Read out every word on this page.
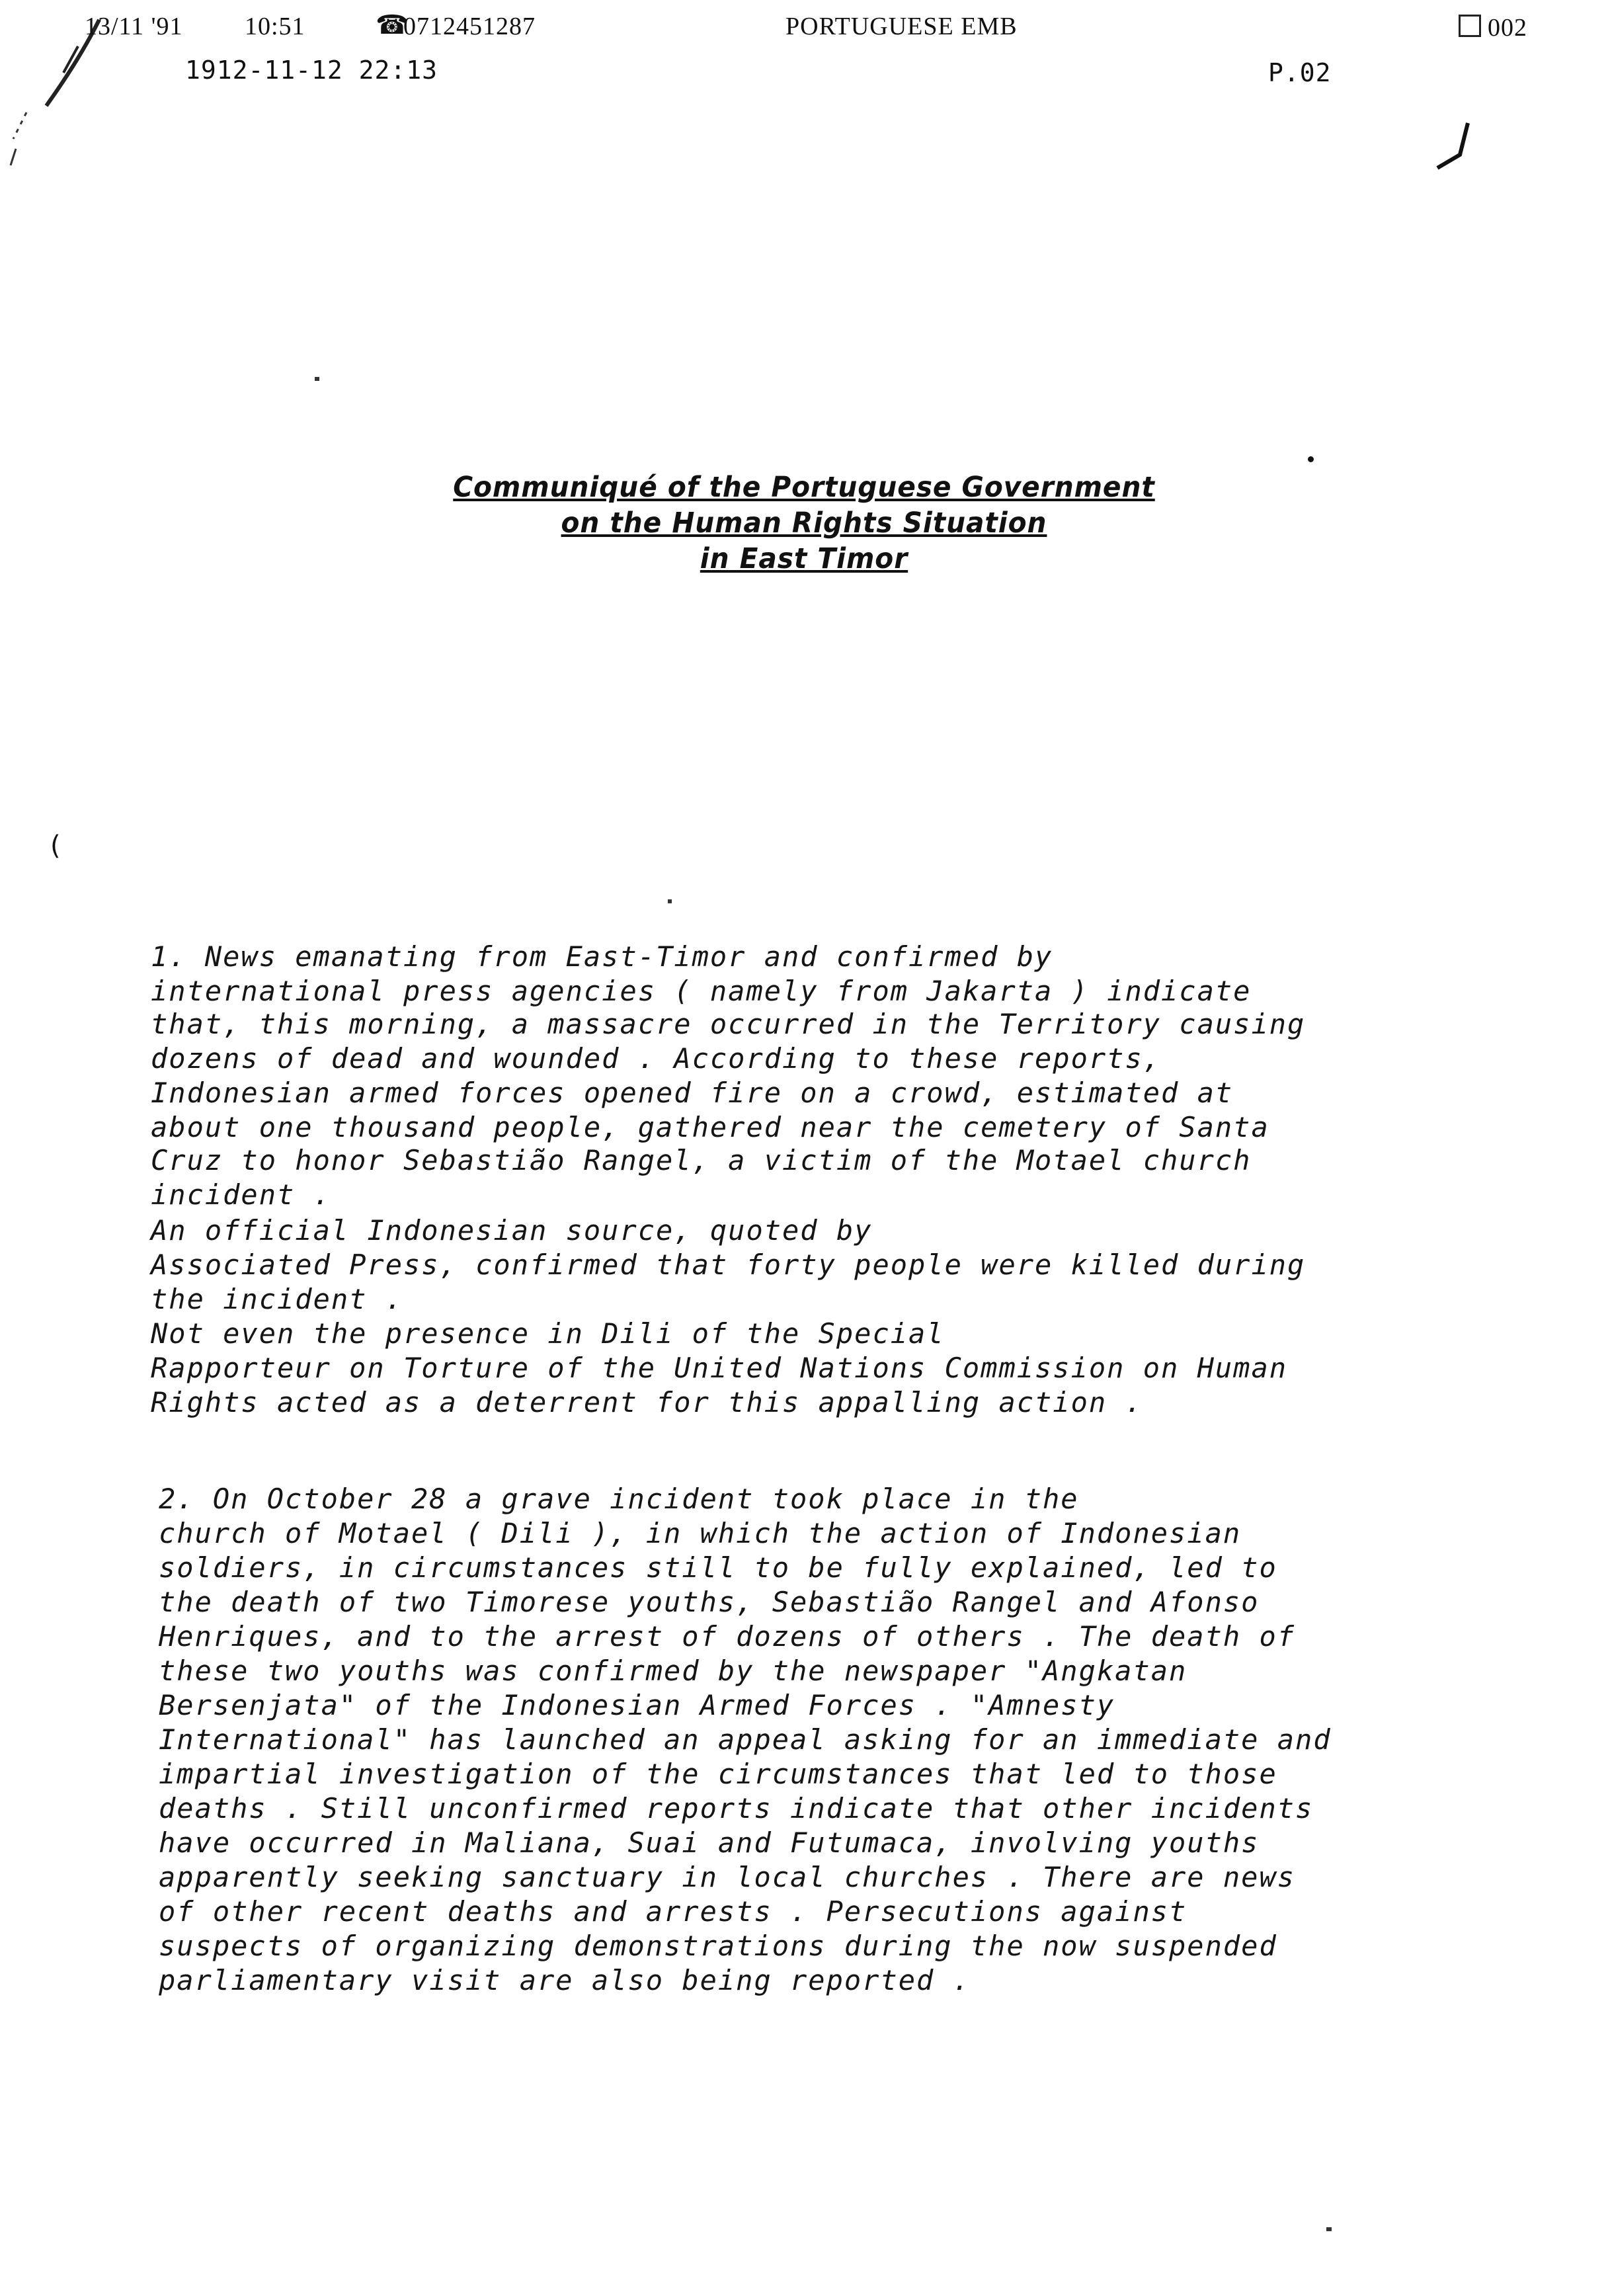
13/11 '91 10:51	☎
0712451287	PORTUGUESE EMB	002
1912-11-12 22:13	P.02
(
Communiqué of the Portuguese Government
on the Human Rights Situation
in East Timor
1. News emanating from East-Timor and confirmed by
international press agencies ( namely from Jakarta ) indicate
that, this morning, a massacre occurred in the Territory causing
dozens of dead and wounded . According to these reports,
Indonesian armed forces opened fire on a crowd, estimated at
about one thousand people, gathered near the cemetery of Santa
Cruz to honor Sebastião Rangel, a victim of the Motael church
incident .
An official Indonesian source, quoted by
Associated Press, confirmed that forty people were killed during
the incident .
Not even the presence in Dili of the Special
Rapporteur on Torture of the United Nations Commission on Human
Rights acted as a deterrent for this appalling action .
2. On October 28 a grave incident took place in the
church of Motael ( Dili ), in which the action of Indonesian
soldiers, in circumstances still to be fully explained, led to
the death of two Timorese youths, Sebastião Rangel and Afonso
Henriques, and to the arrest of dozens of others . The death of
these two youths was confirmed by the newspaper "Angkatan
Bersenjata" of the Indonesian Armed Forces . "Amnesty
International" has launched an appeal asking for an immediate and
impartial investigation of the circumstances that led to those
deaths . Still unconfirmed reports indicate that other incidents
have occurred in Maliana, Suai and Futumaca, involving youths
apparently seeking sanctuary in local churches . There are news
of other recent deaths and arrests . Persecutions against
suspects of organizing demonstrations during the now suspended
parliamentary visit are also being reported .
